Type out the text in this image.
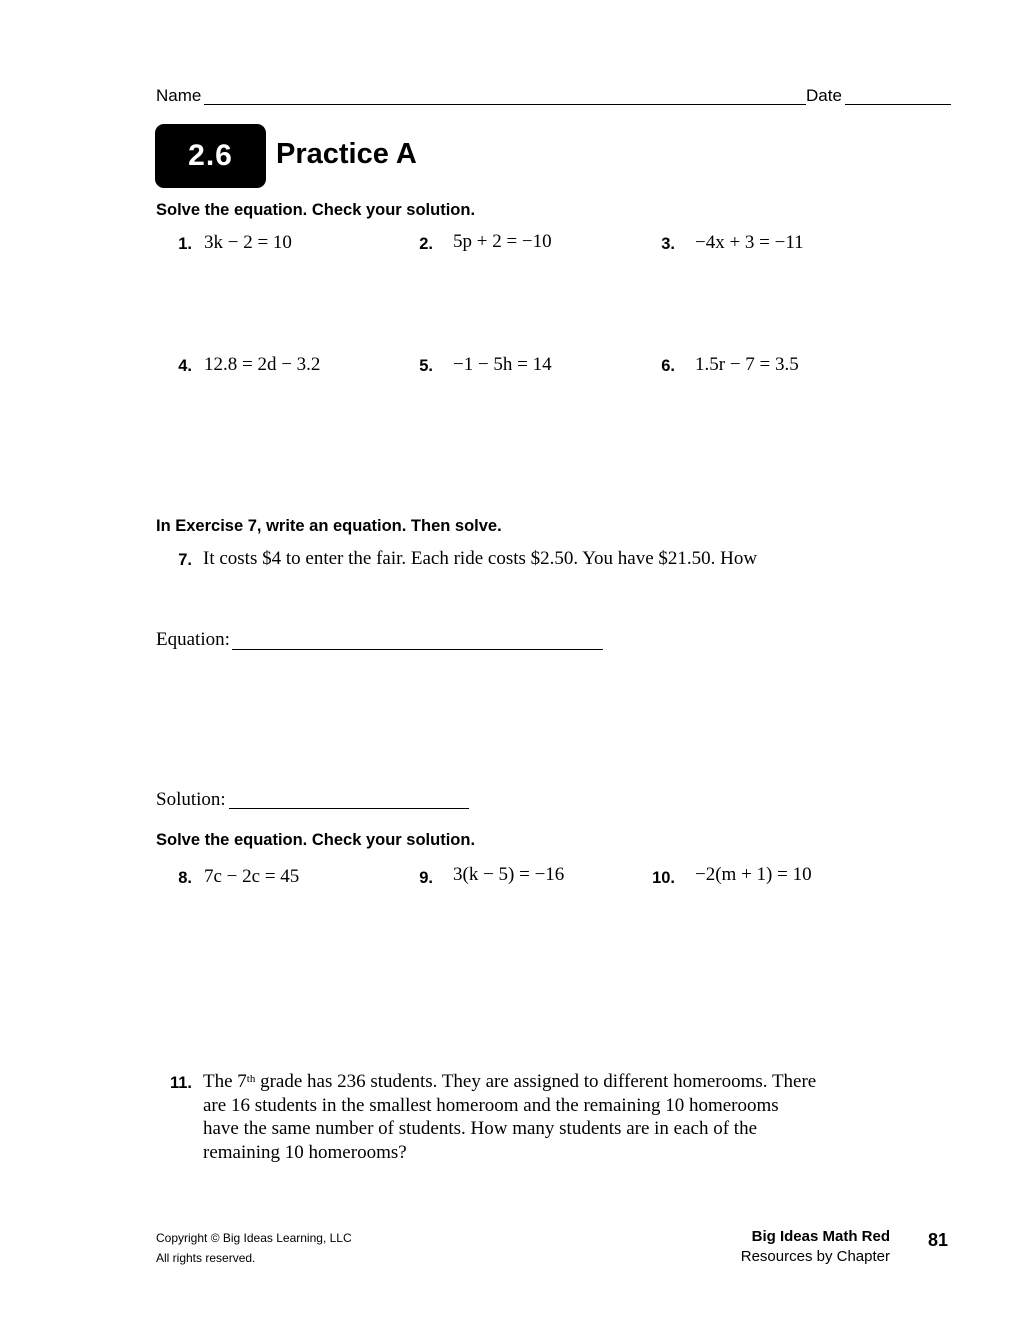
Name	Date
2.6	Practice A
Solve the equation. Check your solution.
1. 3k − 2 = 10	2. 5p + 2 = −10	3. −4x + 3 = −11
4. 12.8 = 2d − 3.2	5. −1 − 5h = 14	6. 1.5r − 7 = 3.5
In Exercise 7, write an equation. Then solve.
7. It costs $4 to enter the fair. Each ride costs $2.50. You have $21.50. How
Equation:
Solution:
Solve the equation. Check your solution.
8. 7c − 2c = 45	9. 3(k − 5) = −16	10. −2(m + 1) = 10
11. The 7th grade has 236 students. They are assigned to different homerooms. There are 16 students in the smallest homeroom and the remaining 10 homerooms have the same number of students. How many students are in each of the remaining 10 homerooms?
Copyright © Big Ideas Learning, LLC
All rights reserved.
Big Ideas Math Red
Resources by Chapter
81
